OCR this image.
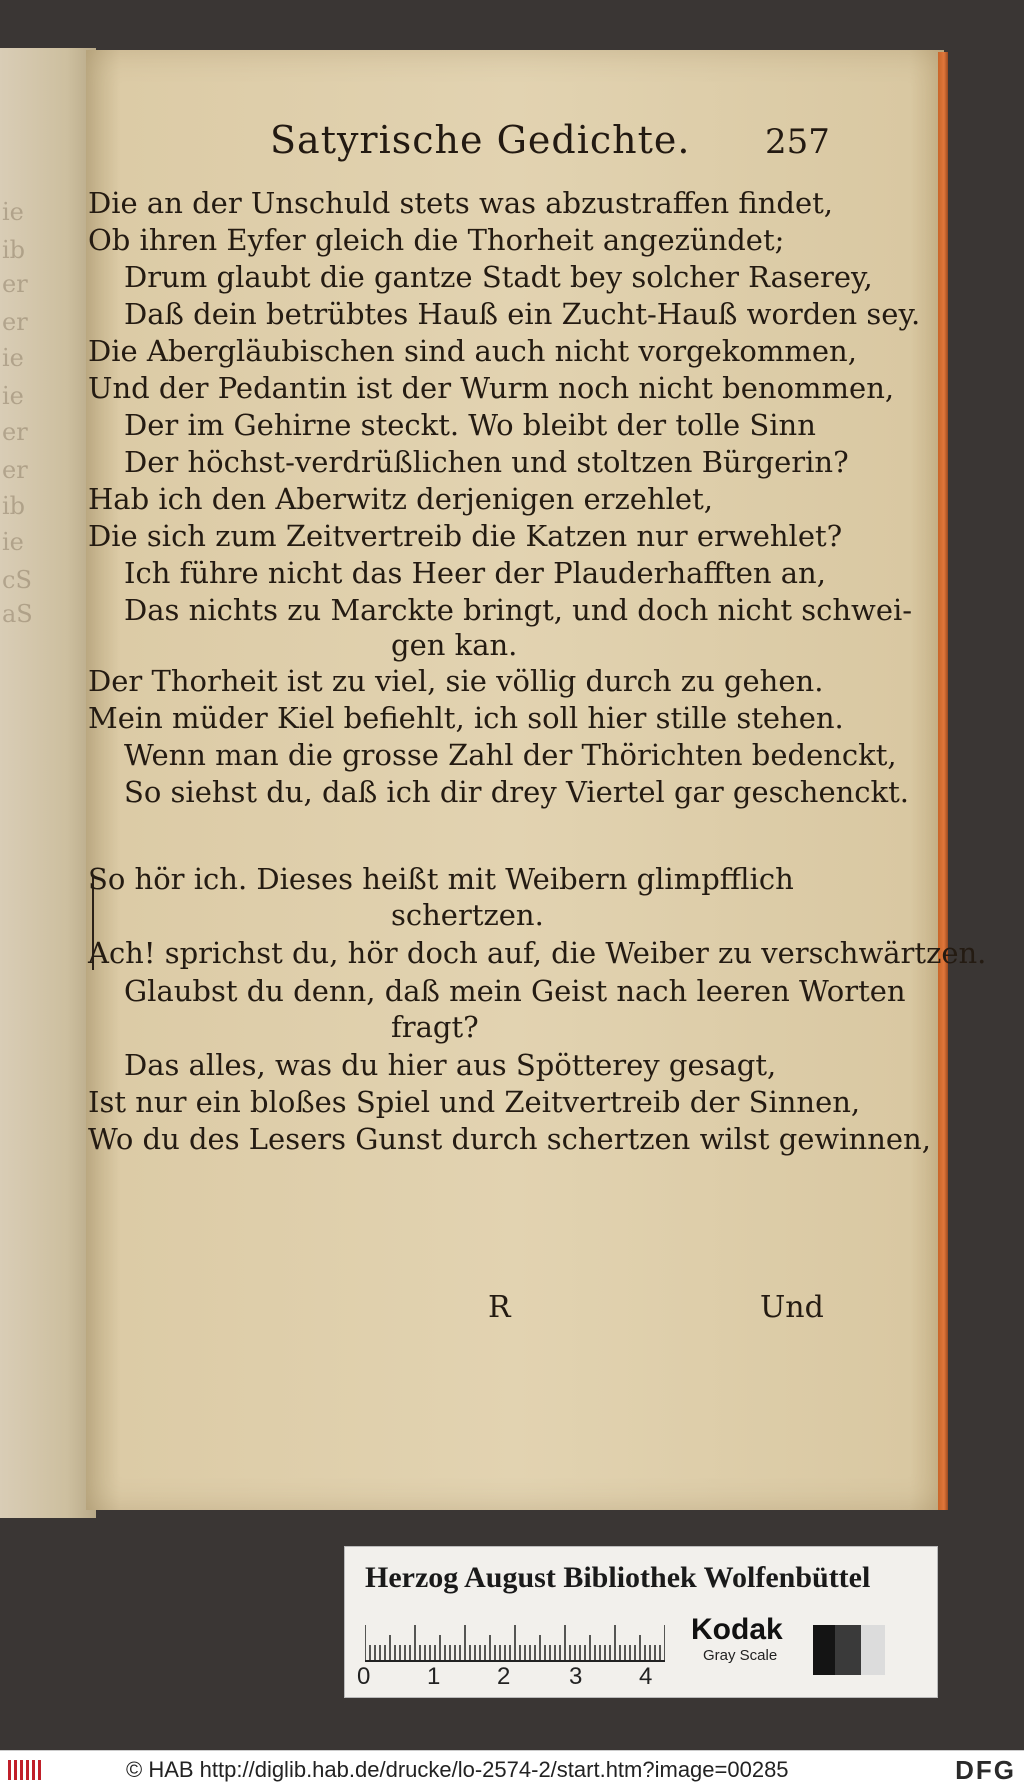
ie
ib
er
er
ie
ie
er
er
ib
ie
cS
aS
Satyrische Gedichte. 257
Die an der Unschuld stets was abzustraffen findet,
Ob ihren Eyfer gleich die Thorheit angezündet;
Drum glaubt die gantze Stadt bey solcher Raserey,
Daß dein betrübtes Hauß ein Zucht-Hauß worden sey.
Die Abergläubischen sind auch nicht vorgekommen,
Und der Pedantin ist der Wurm noch nicht benommen,
Der im Gehirne steckt. Wo bleibt der tolle Sinn
Der höchst-verdrüßlichen und stoltzen Bürgerin?
Hab ich den Aberwitz derjenigen erzehlet,
Die sich zum Zeitvertreib die Katzen nur erwehlet?
Ich führe nicht das Heer der Plauderhafften an,
Das nichts zu Marckte bringt, und doch nicht schwei-
gen kan.
Der Thorheit ist zu viel, sie völlig durch zu gehen.
Mein müder Kiel befiehlt, ich soll hier stille stehen.
Wenn man die grosse Zahl der Thörichten bedenckt,
So siehst du, daß ich dir drey Viertel gar geschenckt.
So hör ich. Dieses heißt mit Weibern glimpfflich
schertzen.
Ach! sprichst du, hör doch auf, die Weiber zu verschwärtzen.
Glaubst du denn, daß mein Geist nach leeren Worten
fragt?
Das alles, was du hier aus Spötterey gesagt,
Ist nur ein bloßes Spiel und Zeitvertreib der Sinnen,
Wo du des Lesers Gunst durch schertzen wilst gewinnen,
R	Und
Herzog August Bibliothek Wolfenbüttel
0 1 2 3 4
Kodak
Gray Scale
© HAB http://diglib.hab.de/drucke/lo-2574-2/start.htm?image=00285	DFG
